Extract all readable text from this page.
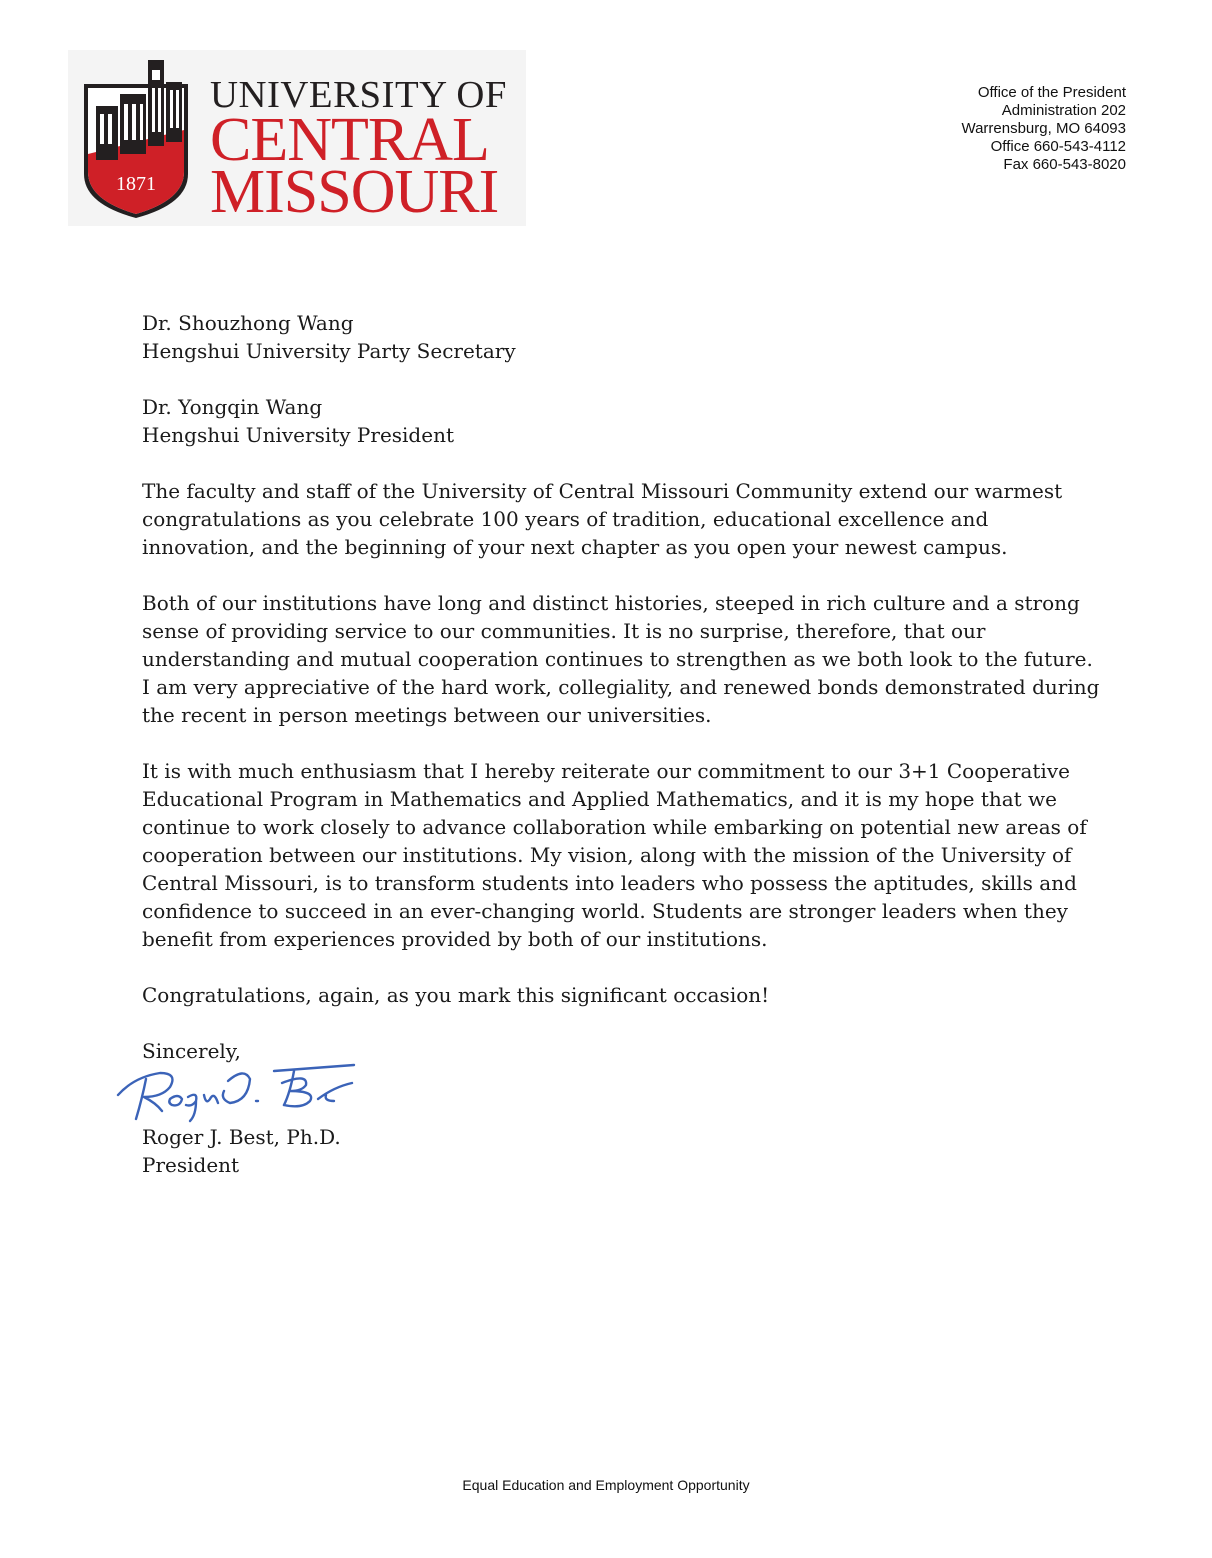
1871
UNIVERSITY OF
CENTRAL
MISSOURI
Office of the President
Administration 202
Warrensburg, MO 64093
Office 660-543-4112
Fax 660-543-8020

Dr. Shouzhong Wang
Hengshui University Party Secretary

Dr. Yongqin Wang
Hengshui University President

The faculty and staff of the University of Central Missouri Community extend our warmest congratulations as you celebrate 100 years of tradition, educational excellence and innovation, and the beginning of your next chapter as you open your newest campus.

Both of our institutions have long and distinct histories, steeped in rich culture and a strong sense of providing service to our communities. It is no surprise, therefore, that our understanding and mutual cooperation continues to strengthen as we both look to the future. I am very appreciative of the hard work, collegiality, and renewed bonds demonstrated during the recent in person meetings between our universities.

It is with much enthusiasm that I hereby reiterate our commitment to our 3+1 Cooperative Educational Program in Mathematics and Applied Mathematics, and it is my hope that we continue to work closely to advance collaboration while embarking on potential new areas of cooperation between our institutions. My vision, along with the mission of the University of Central Missouri, is to transform students into leaders who possess the aptitudes, skills and confidence to succeed in an ever-changing world. Students are stronger leaders when they benefit from experiences provided by both of our institutions.

Congratulations, again, as you mark this significant occasion!

Sincerely,

Roger J. Best, Ph.D.
President
Equal Education and Employment Opportunity
